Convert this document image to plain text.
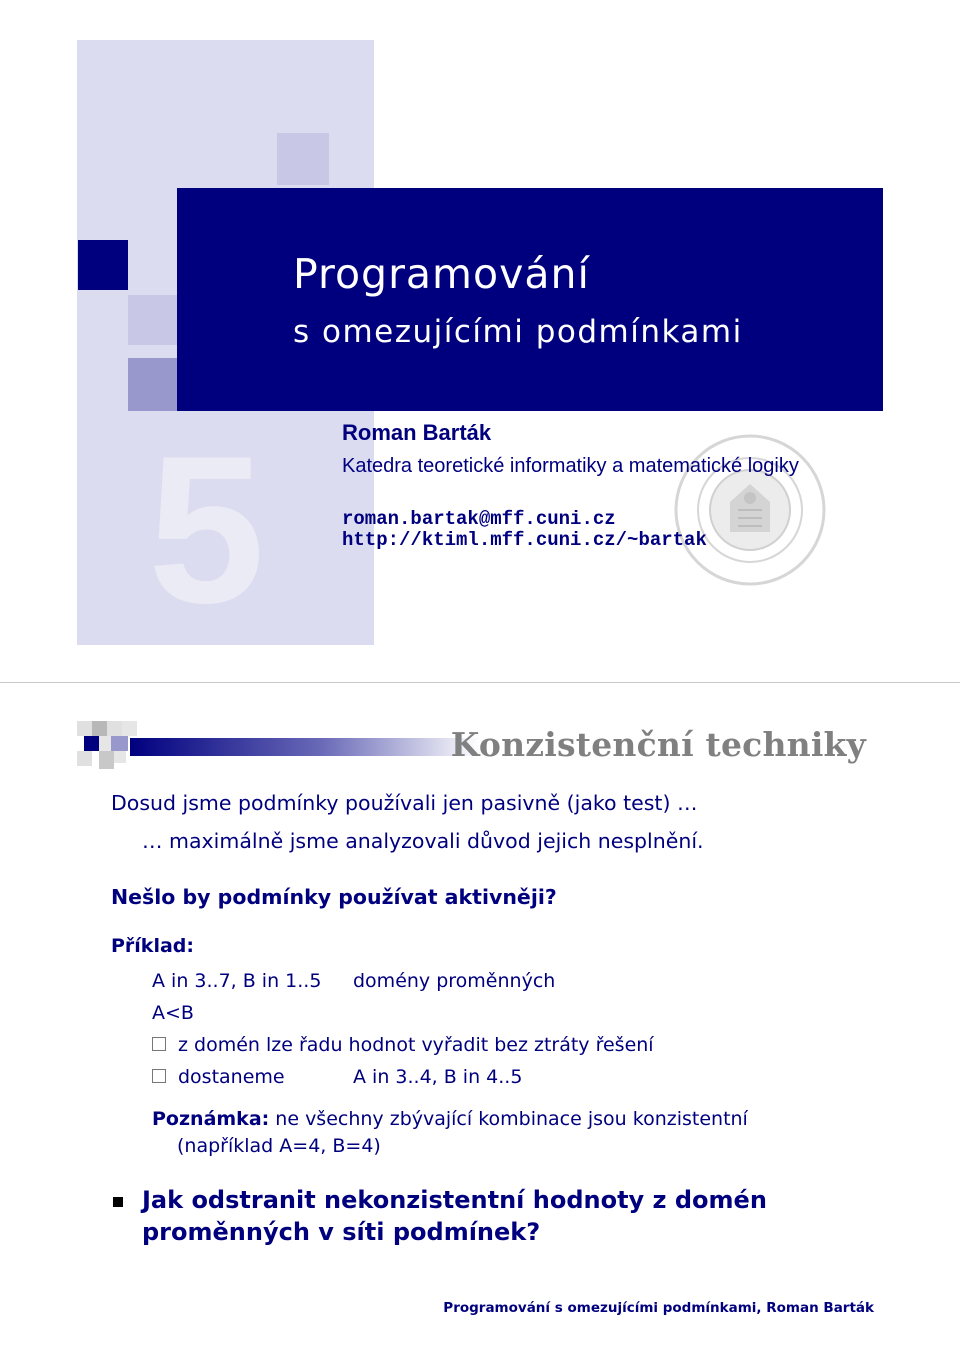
Programování
s omezujícími podmínkami
5	Roman Barták
Katedra teoretické informatiky a matematické logiky
roman.bartak@mff.cuni.cz
http://ktiml.mff.cuni.cz/~bartak
Konzistenční techniky
Dosud jsme podmínky používali jen pasivně (jako test) …
… maximálně jsme analyzovali důvod jejich nesplnění.
Nešlo by podmínky používat aktivněji?
Příklad:
A in 3..7, B in 1..5 domény proměnných
A<B
z domén lze řadu hodnot vyřadit bez ztráty řešení
dostaneme	A in 3..4, B in 4..5
Poznámka: ne všechny zbývající kombinace jsou konzistentní
(například A=4, B=4)
Jak odstranit nekonzistentní hodnoty z domén
proměnných v síti podmínek?
Programování s omezujícími podmínkami, Roman Barták
